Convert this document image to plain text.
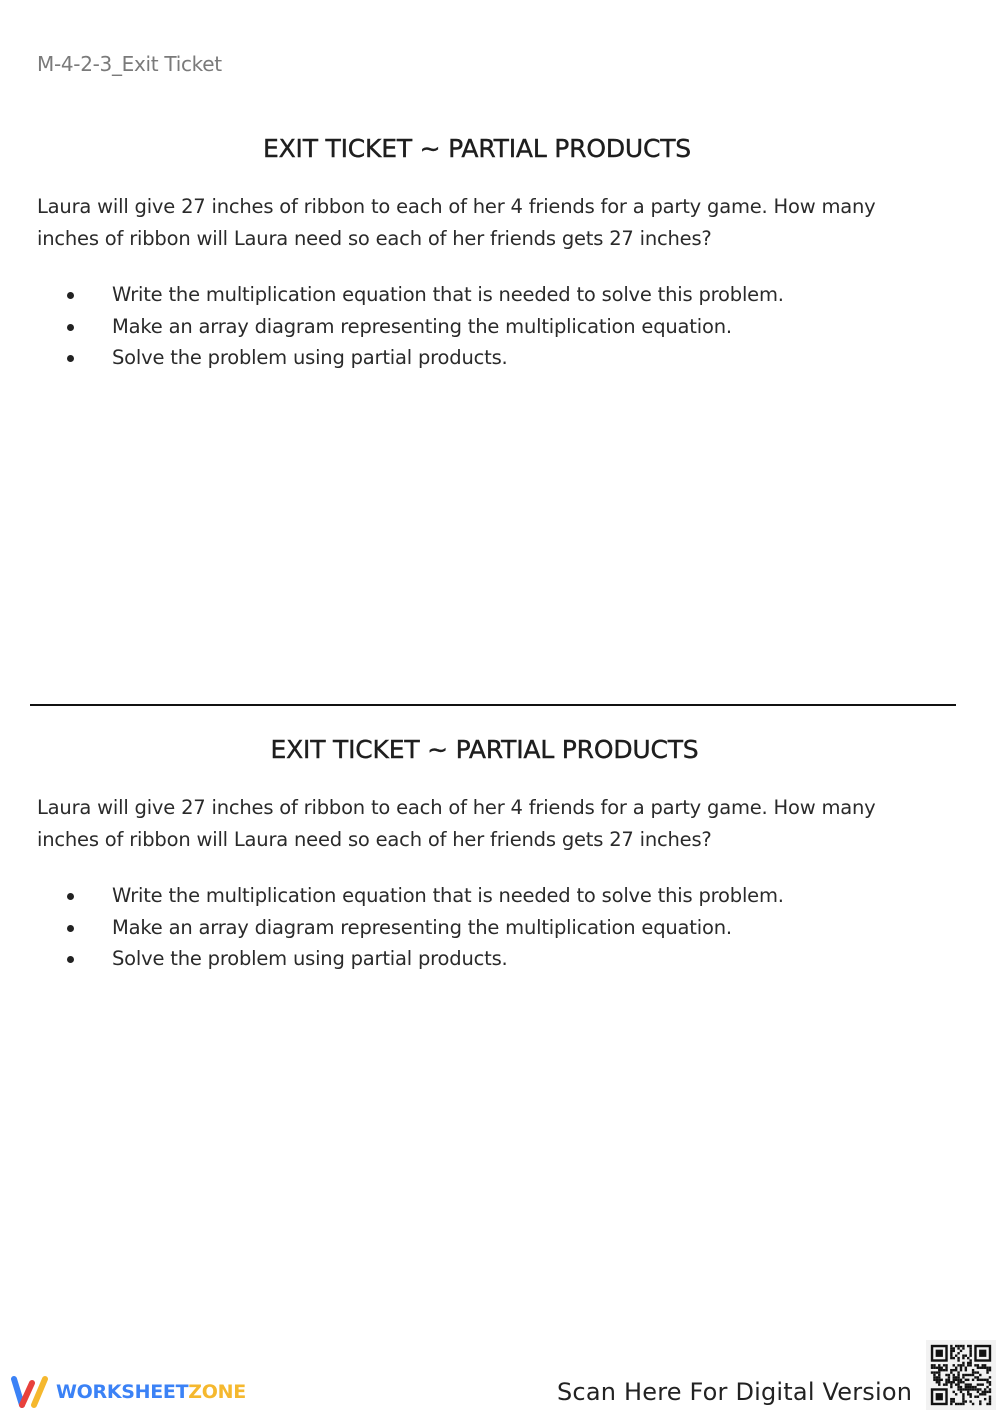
M-4-2-3_Exit Ticket
EXIT TICKET ~ PARTIAL PRODUCTS

Laura will give 27 inches of ribbon to each of her 4 friends for a party game. How many inches of ribbon will Laura need so each of her friends gets 27 inches?

Write the multiplication equation that is needed to solve this problem.
Make an array diagram representing the multiplication equation.
Solve the problem using partial products.
EXIT TICKET ~ PARTIAL PRODUCTS

Laura will give 27 inches of ribbon to each of her 4 friends for a party game. How many inches of ribbon will Laura need so each of her friends gets 27 inches?

Write the multiplication equation that is needed to solve this problem.
Make an array diagram representing the multiplication equation.
Solve the problem using partial products.
WORKSHEETZONE	Scan Here For Digital Version
